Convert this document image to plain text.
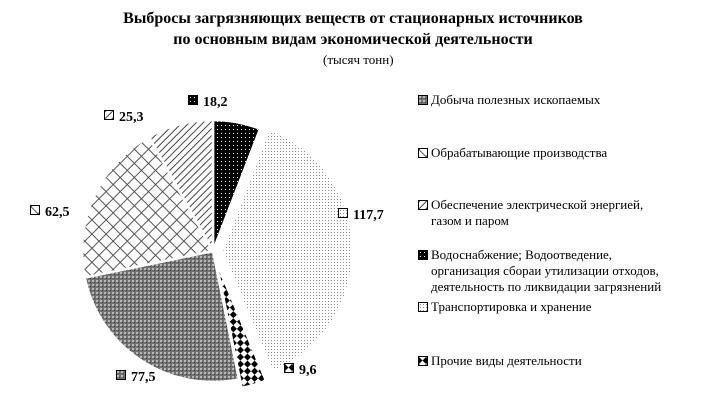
Выбросы загрязняющих веществ от стационарных источников
по основным видам экономической деятельности
(тысяч тонн)
Добыча полезных ископаемых
Обрабатывающие производства
Обеспечение электрической энергией,
газом и паром
Водоснабжение; Водоотведение,
организация сбораи утилизации отходов,
деятельность по ликвидации загрязнений
Транспортировка и хранение
Прочие виды деятельности
18,2
117,7
9,6
77,5
62,5
25,3
